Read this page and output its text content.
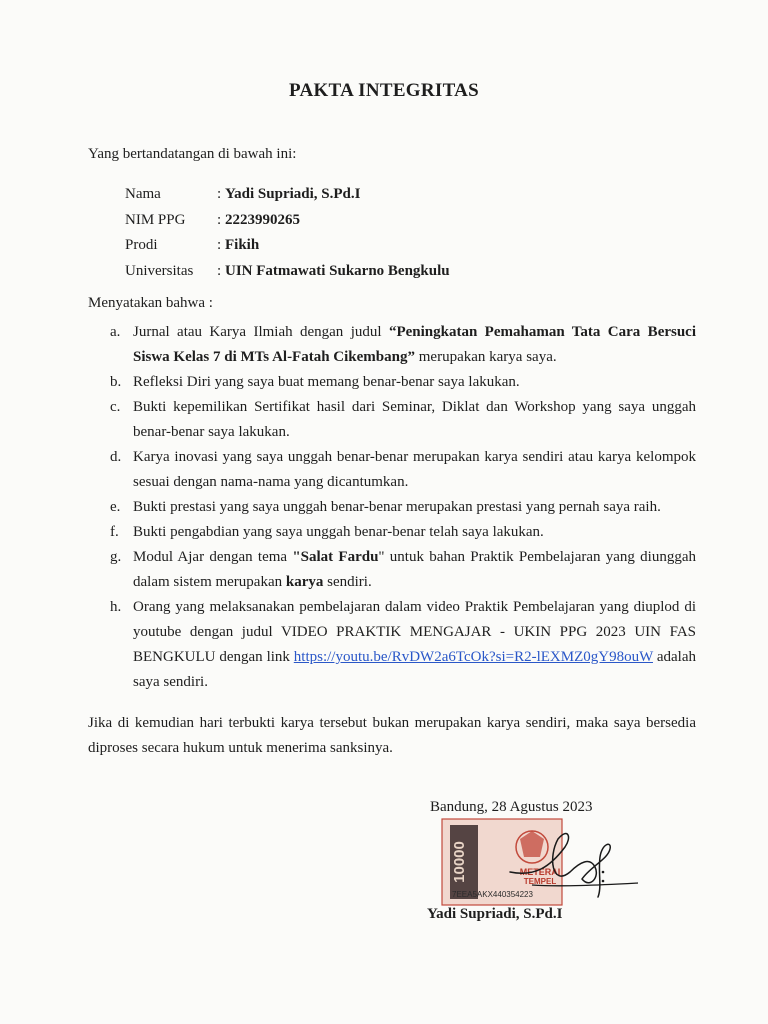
PAKTA INTEGRITAS
Yang bertandatangan di bawah ini:
Nama	: Yadi Supriadi, S.Pd.I
NIM PPG	: 2223990265
Prodi	: Fikih
Universitas	: UIN Fatmawati Sukarno Bengkulu
Menyatakan bahwa :
a. Jurnal atau Karya Ilmiah dengan judul “Peningkatan Pemahaman Tata Cara Bersuci Siswa Kelas 7 di MTs Al-Fatah Cikembang” merupakan karya saya.
b. Refleksi Diri yang saya buat memang benar-benar saya lakukan.
c. Bukti kepemilikan Sertifikat hasil dari Seminar, Diklat dan Workshop yang saya unggah benar-benar saya lakukan.
d. Karya inovasi yang saya unggah benar-benar merupakan karya sendiri atau karya kelompok sesuai dengan nama-nama yang dicantumkan.
e. Bukti prestasi yang saya unggah benar-benar merupakan prestasi yang pernah saya raih.
f. Bukti pengabdian yang saya unggah benar-benar telah saya lakukan.
g. Modul Ajar dengan tema "Salat Fardu" untuk bahan Praktik Pembelajaran yang diunggah dalam sistem merupakan karya sendiri.
h. Orang yang melaksanakan pembelajaran dalam video Praktik Pembelajaran yang diuplod di youtube dengan judul VIDEO PRAKTIK MENGAJAR - UKIN PPG 2023 UIN FAS BENGKULU dengan link https://youtu.be/RvDW2a6TcOk?si=R2-lEXMZ0gY98ouW adalah saya sendiri.
Jika di kemudian hari terbukti karya tersebut bukan merupakan karya sendiri, maka saya bersedia diproses secara hukum untuk menerima sanksinya.
Bandung, 28 Agustus 2023
10000	METERAI
TEMPEL
7EEA5AKX440354223
Yadi Supriadi, S.Pd.I
